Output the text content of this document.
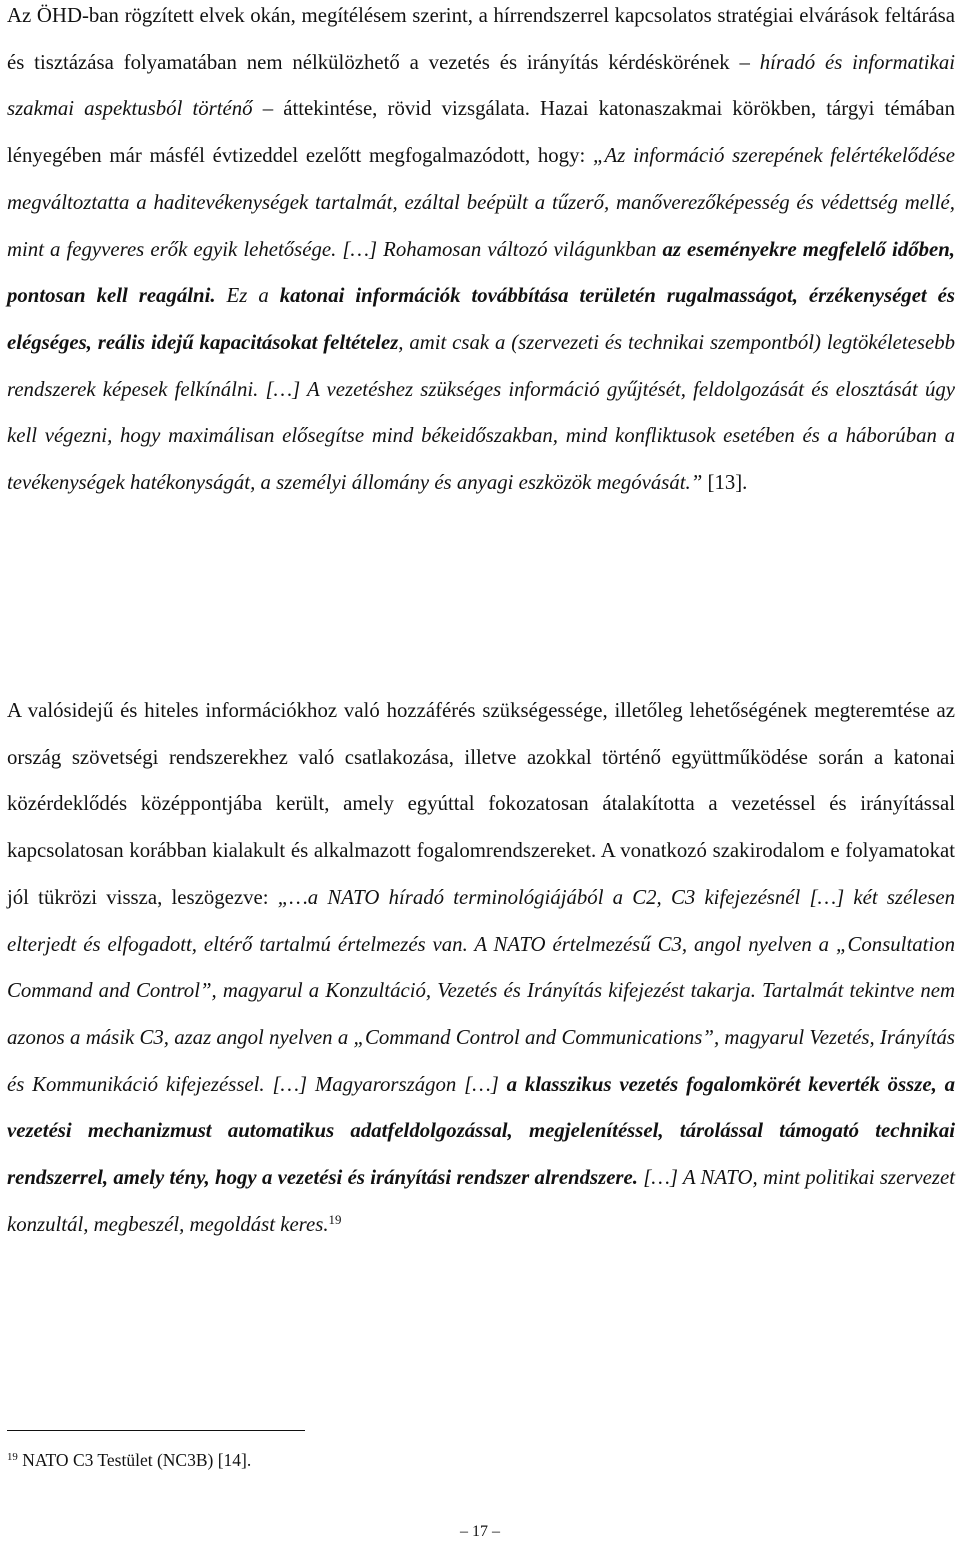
Az ÖHD-ban rögzített elvek okán, megítélésem szerint, a hírrendszerrel kapcsolatos stratégiai elvárások feltárása és tisztázása folyamatában nem nélkülözhető a vezetés és irányítás kérdéskörének – híradó és informatikai szakmai aspektusból történő – áttekintése, rövid vizsgálata. Hazai katonaszakmai körökben, tárgyi témában lényegében már másfél évtizeddel ezelőtt megfogalmazódott, hogy: „Az információ szerepének felértékelődése megváltoztatta a haditevékenységek tartalmát, ezáltal beépült a tűzerő, manőverezőképesség és védettség mellé, mint a fegyveres erők egyik lehetősége. […] Rohamosan változó világunkban az eseményekre megfelelő időben, pontosan kell reagálni. Ez a katonai információk továbbítása területén rugalmasságot, érzékenységet és elégséges, reális idejű kapacitásokat feltételez, amit csak a (szervezeti és technikai szempontból) legtökéletesebb rendszerek képesek felkínálni. […] A vezetéshez szükséges információ gyűjtését, feldolgozását és elosztását úgy kell végezni, hogy maximálisan elősegítse mind békeidőszakban, mind konfliktusok esetében és a háborúban a tevékenységek hatékonyságát, a személyi állomány és anyagi eszközök megóvását.” [13].

A valósidejű és hiteles információkhoz való hozzáférés szükségessége, illetőleg lehetőségének megteremtése az ország szövetségi rendszerekhez való csatlakozása, illetve azokkal történő együttműködése során a katonai közérdeklődés középpontjába került, amely egyúttal fokozatosan átalakította a vezetéssel és irányítással kapcsolatosan korábban kialakult és alkalmazott fogalomrendszereket. A vonatkozó szakirodalom e folyamatokat jól tükrözi vissza, leszögezve: „…a NATO híradó terminológiájából a C2, C3 kifejezésnél […] két szélesen elterjedt és elfogadott, eltérő tartalmú értelmezés van. A NATO értelmezésű C3, angol nyelven a „Consultation Command and Control”, magyarul a Konzultáció, Vezetés és Irányítás kifejezést takarja. Tartalmát tekintve nem azonos a másik C3, azaz angol nyelven a „Command Control and Communications”, magyarul Vezetés, Irányítás és Kommunikáció kifejezéssel. […] Magyarországon […] a klasszikus vezetés fogalomkörét keverték össze, a vezetési mechanizmust automatikus adatfeldolgozással, megjelenítéssel, tárolással támogató technikai rendszerrel, amely tény, hogy a vezetési és irányítási rendszer alrendszere. […] A NATO, mint politikai szervezet konzultál, megbeszél, megoldást keres.$^{19}$

$^{19}$ NATO C3 Testület (NC3B) [14].

– 17 –
